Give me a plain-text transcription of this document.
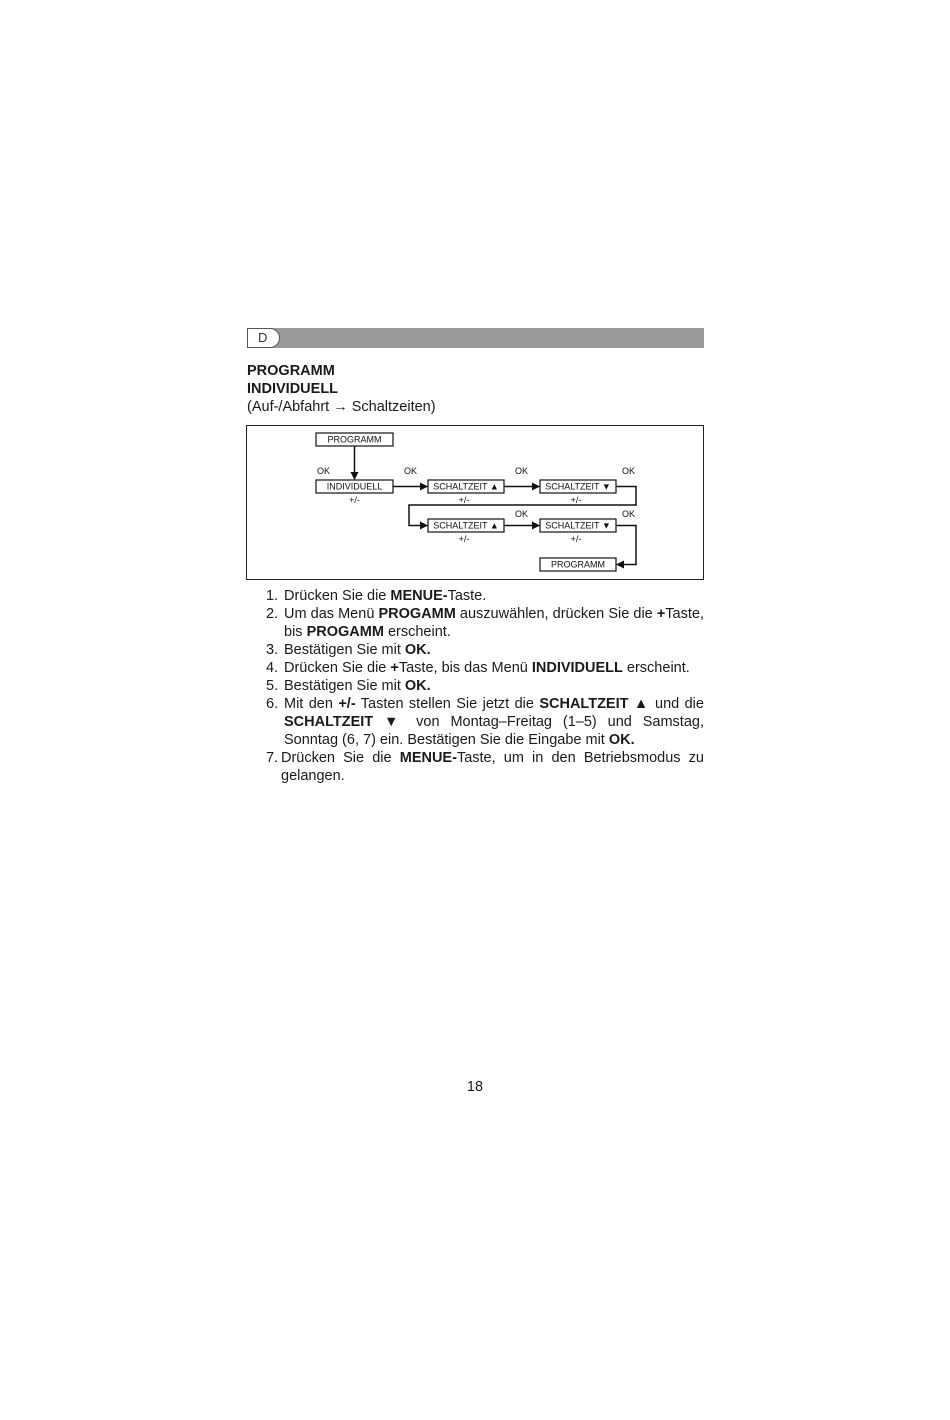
D
PROGRAMM
INDIVIDUELL
(Auf-/Abfahrt → Schaltzeiten)
PROGRAMM
INDIVIDUELL	SCHALTZEIT ▲	SCHALTZEIT ▼
SCHALTZEIT ▲	SCHALTZEIT ▼
PROGRAMM
OK	OK	OK	OK
OK	OK
+/-	+/-	+/-
+/-	+/-
1. Drücken Sie die MENUE-Taste.
2. Um das Menü PROGAMM auszuwählen, drücken Sie die +Taste, bis PROGAMM erscheint.
3. Bestätigen Sie mit OK.
4. Drücken Sie die +Taste, bis das Menü INDIVIDUELL erscheint.
5. Bestätigen Sie mit OK.
6. Mit den +/- Tasten stellen Sie jetzt die SCHALTZEIT ▲ und die SCHALTZEIT ▼ von Montag–Freitag (1–5) und Samstag, Sonntag (6, 7) ein. Bestätigen Sie die Eingabe mit OK.
7. Drücken Sie die MENUE-Taste, um in den Betriebsmodus zu gelangen.
18
